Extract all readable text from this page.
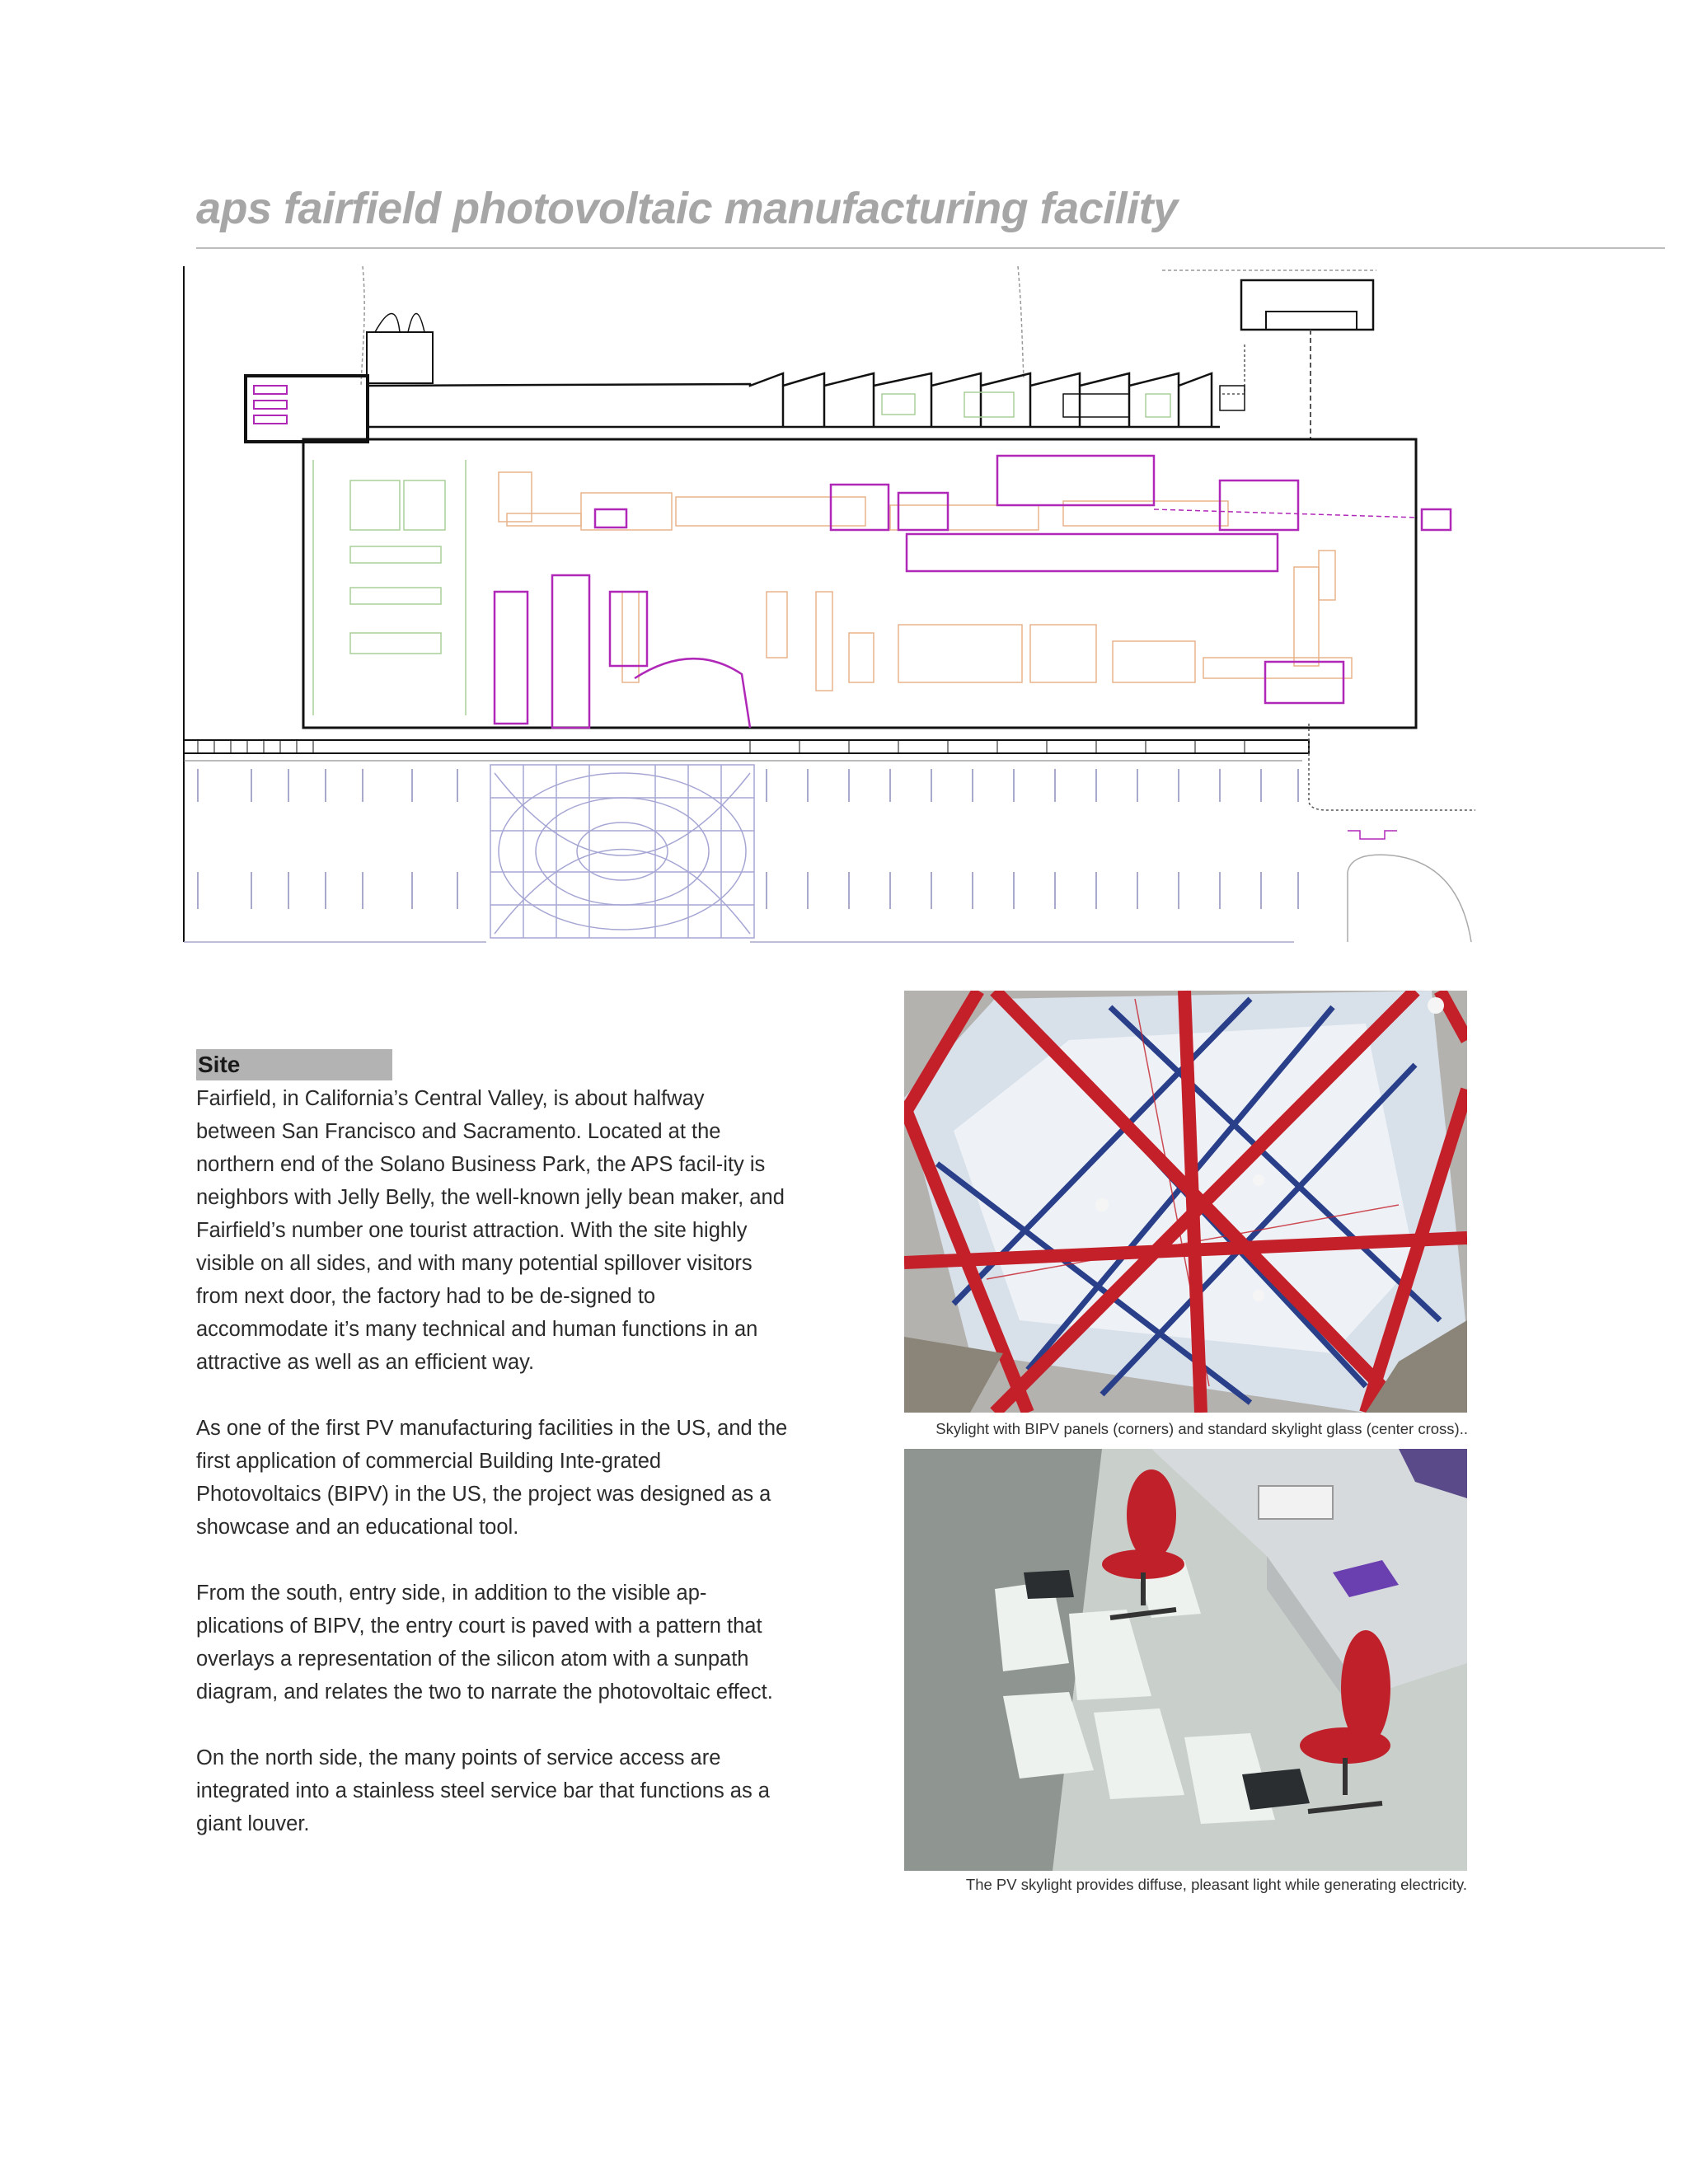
aps fairfield photovoltaic manufacturing facility
Site

Fairfield, in California’s Central Valley, is about halfway between San Francisco and Sacramento. Located at the northern end of the Solano Business Park, the APS facil-ity is neighbors with Jelly Belly, the well-known jelly bean maker, and Fairfield’s number one tourist attraction. With the site highly visible on all sides, and with many potential spillover visitors from next door, the factory had to be de-signed to accommodate it’s many technical and human functions in an attractive as well as an efficient way.

As one of the first PV manufacturing facilities in the US, and the first application of commercial Building Inte-grated Photovoltaics (BIPV) in the US, the project was designed as a showcase and an educational tool.

From the south, entry side, in addition to the visible ap-plications of BIPV, the entry court is paved with a pattern that overlays a representation of the silicon atom with a sunpath diagram, and relates the two to narrate the photovoltaic effect.

On the north side, the many points of service access are integrated into a stainless steel service bar that functions as a giant louver.

Skylight with BIPV panels (corners) and standard skylight glass (center cross)..
The PV skylight provides diffuse, pleasant light while generating electricity.
